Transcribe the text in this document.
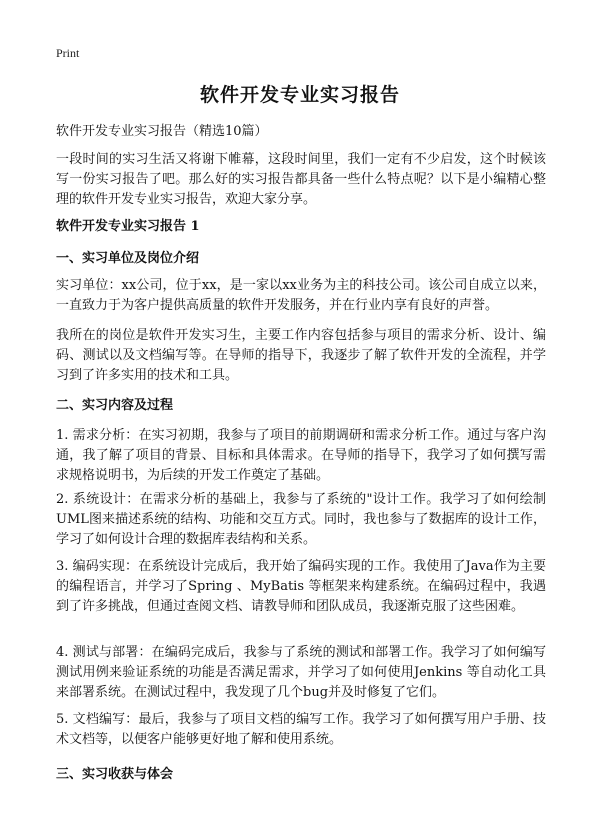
Print
软件开发专业实习报告
软件开发专业实习报告（精选10篇）
一段时间的实习生活又将谢下帷幕，这段时间里，我们一定有不少启发，这个时候该写一份实习报告了吧。那么好的实习报告都具备一些什么特点呢？以下是小编精心整理的软件开发专业实习报告，欢迎大家分享。
软件开发专业实习报告 1
一、实习单位及岗位介绍
实习单位：xx公司，位于xx，是一家以xx业务为主的科技公司。该公司自成立以来，一直致力于为客户提供高质量的软件开发服务，并在行业内享有良好的声誉。
我所在的岗位是软件开发实习生，主要工作内容包括参与项目的需求分析、设计、编码、测试以及文档编写等。在导师的指导下，我逐步了解了软件开发的全流程，并学习到了许多实用的技术和工具。
二、实习内容及过程
1. 需求分析：在实习初期，我参与了项目的前期调研和需求分析工作。通过与客户沟通，我了解了项目的背景、目标和具体需求。在导师的指导下，我学习了如何撰写需求规格说明书，为后续的开发工作奠定了基础。
2. 系统设计：在需求分析的基础上，我参与了系统的"设计工作。我学习了如何绘制UML图来描述系统的结构、功能和交互方式。同时，我也参与了数据库的设计工作，学习了如何设计合理的数据库表结构和关系。
3. 编码实现：在系统设计完成后，我开始了编码实现的工作。我使用了Java作为主要的编程语言，并学习了Spring 、MyBatis 等框架来构建系统。在编码过程中，我遇到了许多挑战，但通过查阅文档、请教导师和团队成员，我逐渐克服了这些困难。
4. 测试与部署：在编码完成后，我参与了系统的测试和部署工作。我学习了如何编写测试用例来验证系统的功能是否满足需求，并学习了如何使用Jenkins 等自动化工具来部署系统。在测试过程中，我发现了几个bug并及时修复了它们。
5. 文档编写：最后，我参与了项目文档的编写工作。我学习了如何撰写用户手册、技术文档等，以便客户能够更好地了解和使用系统。
三、实习收获与体会
